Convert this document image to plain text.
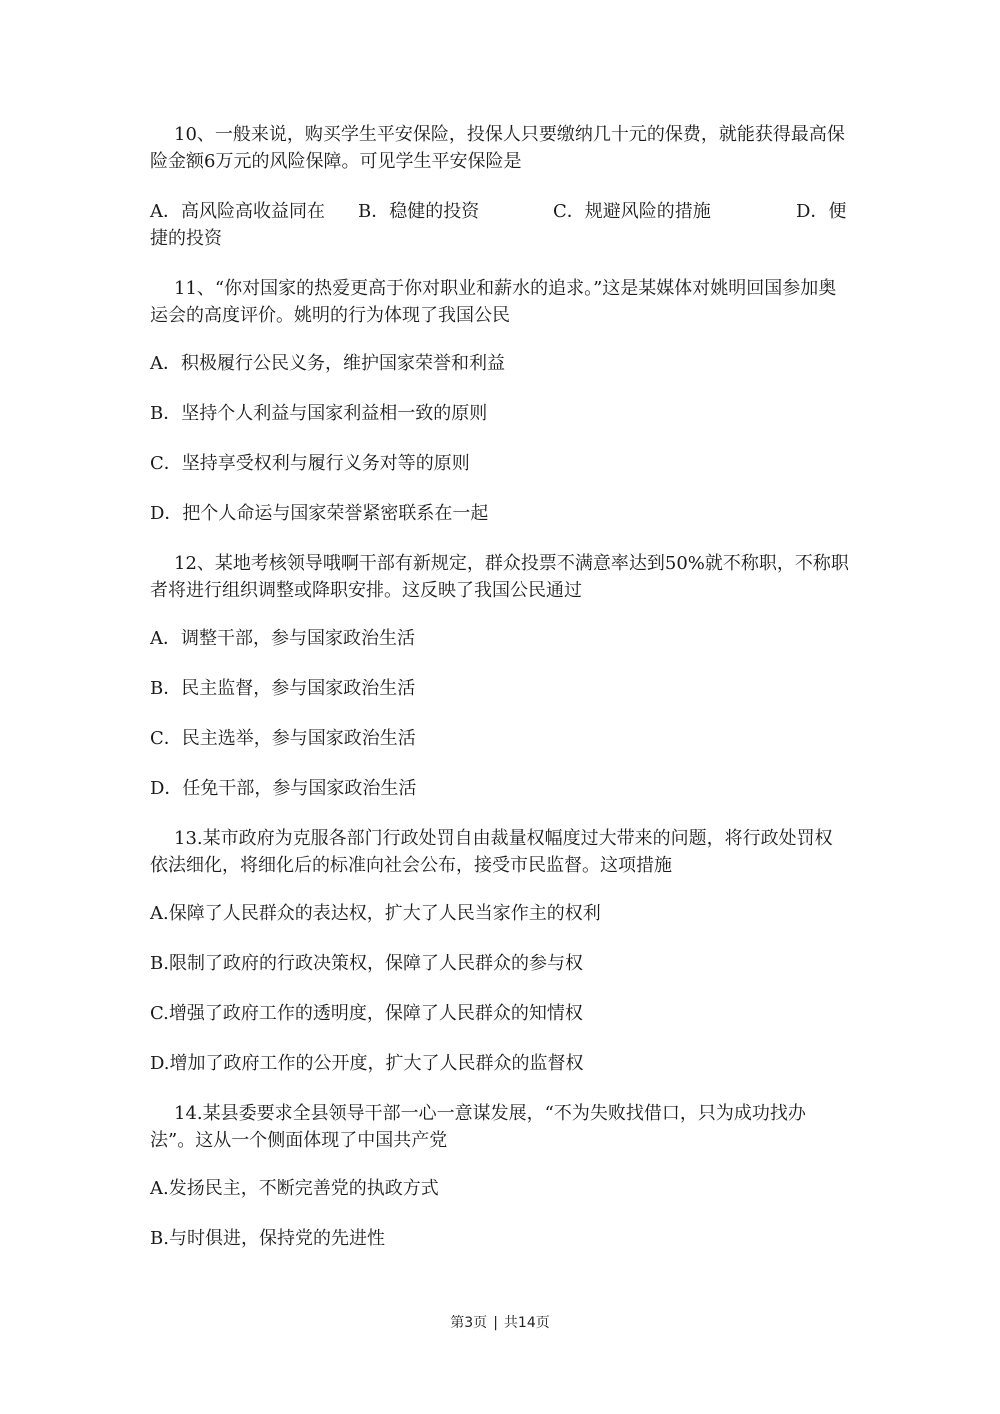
10、一般来说，购买学生平安保险，投保人只要缴纳几十元的保费，就能获得最高保险金额6万元的风险保障。可见学生平安保险是
A．高风险高收益同在 B．稳健的投资	C．规避风险的措施	D．便
捷的投资
11、“你对国家的热爱更高于你对职业和薪水的追求。”这是某媒体对姚明回国参加奥运会的高度评价。姚明的行为体现了我国公民
A．积极履行公民义务，维护国家荣誉和利益
B．坚持个人利益与国家利益相一致的原则
C．坚持享受权利与履行义务对等的原则
D．把个人命运与国家荣誉紧密联系在一起
12、某地考核领导哦啊干部有新规定，群众投票不满意率达到50%就不称职，不称职者将进行组织调整或降职安排。这反映了我国公民通过
A．调整干部，参与国家政治生活
B．民主监督，参与国家政治生活
C．民主选举，参与国家政治生活
D．任免干部，参与国家政治生活
13.某市政府为克服各部门行政处罚自由裁量权幅度过大带来的问题，将行政处罚权依法细化，将细化后的标准向社会公布，接受市民监督。这项措施
A.保障了人民群众的表达权，扩大了人民当家作主的权利
B.限制了政府的行政决策权，保障了人民群众的参与权
C.增强了政府工作的透明度，保障了人民群众的知情权
D.增加了政府工作的公开度，扩大了人民群众的监督权
14.某县委要求全县领导干部一心一意谋发展，“不为失败找借口，只为成功找办法”。这从一个侧面体现了中国共产党
A.发扬民主，不断完善党的执政方式
B.与时俱进，保持党的先进性
第3页 | 共14页
